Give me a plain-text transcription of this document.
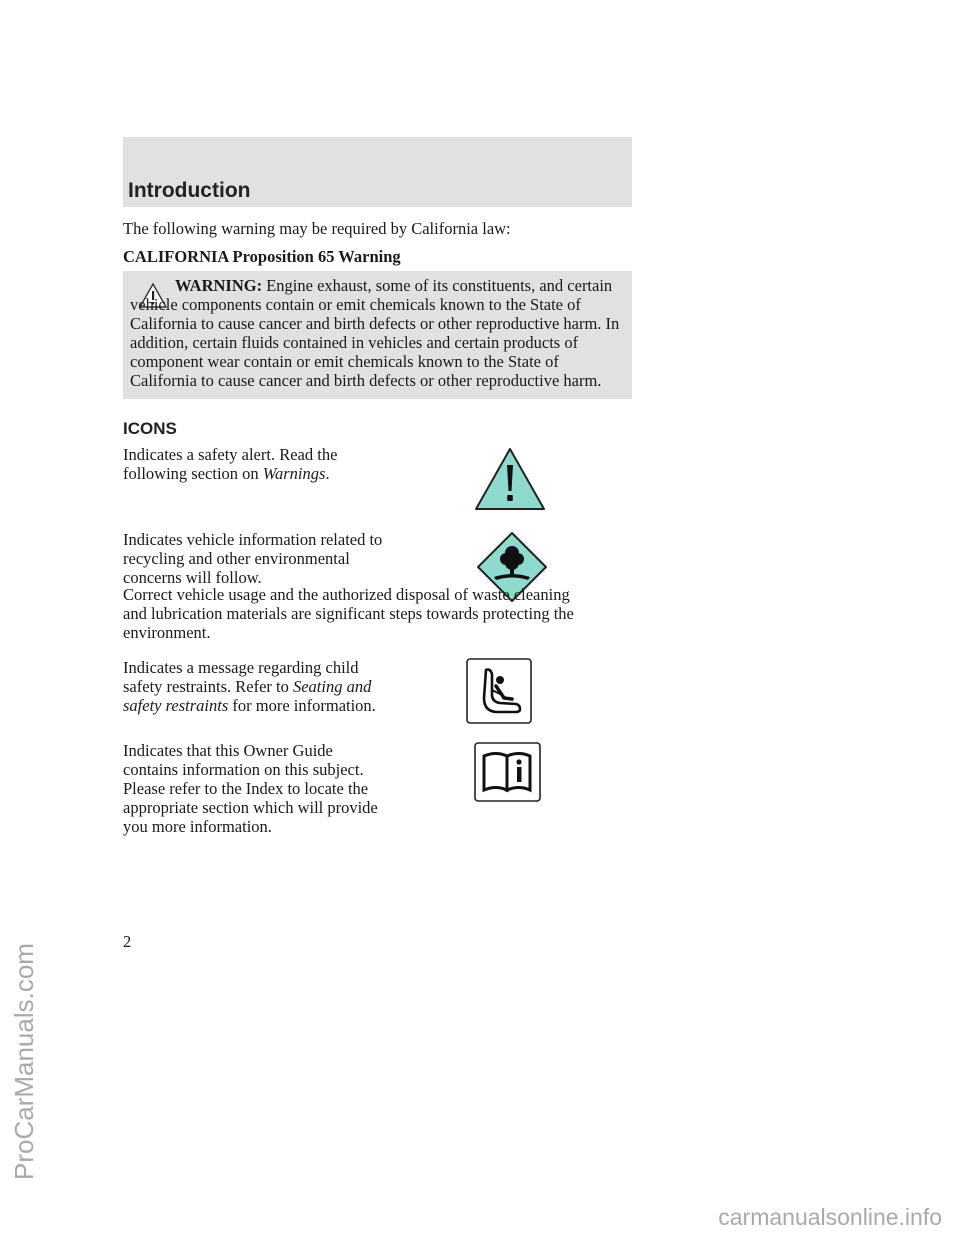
Introduction

The following warning may be required by California law:

CALIFORNIA Proposition 65 Warning

WARNING: Engine exhaust, some of its constituents, and certain vehicle components contain or emit chemicals known to the State of California to cause cancer and birth defects or other reproductive harm. In addition, certain fluids contained in vehicles and certain products of component wear contain or emit chemicals known to the State of California to cause cancer and birth defects or other reproductive harm.

ICONS

Indicates a safety alert. Read the following section on Warnings.

Indicates vehicle information related to recycling and other environmental concerns will follow.

Correct vehicle usage and the authorized disposal of waste cleaning and lubrication materials are significant steps towards protecting the environment.

Indicates a message regarding child safety restraints. Refer to Seating and safety restraints for more information.

Indicates that this Owner Guide contains information on this subject. Please refer to the Index to locate the appropriate section which will provide you more information.

2
ProCarManuals.com
carmanualsonline.info
